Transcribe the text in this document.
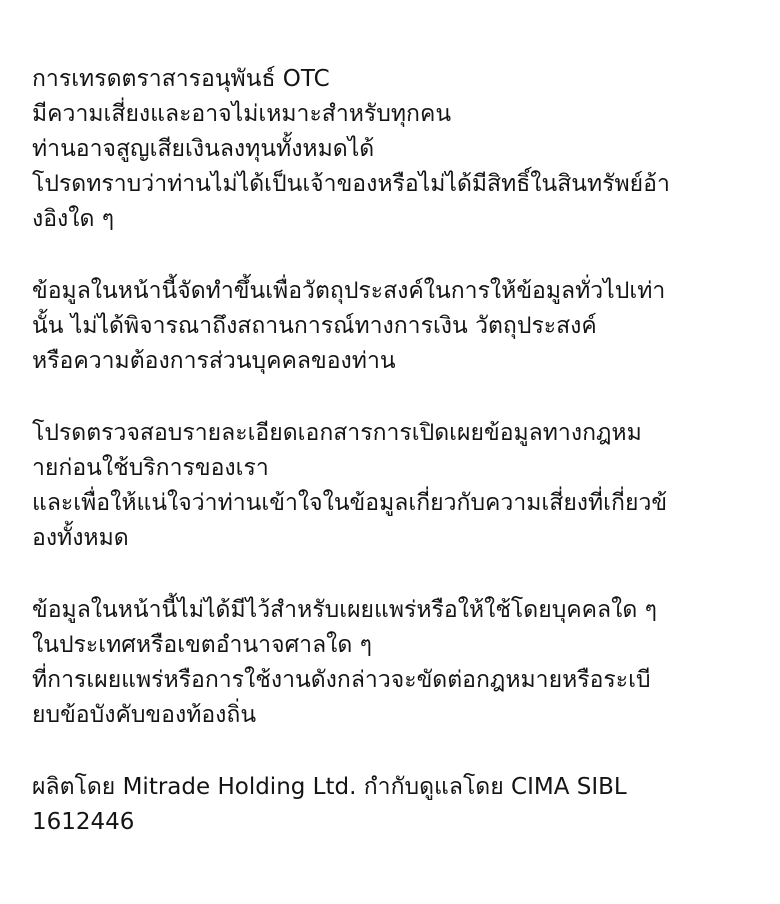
การเทรดตราสารอนุพันธ์ OTC
มีความเสี่ยงและอาจไม่เหมาะสำหรับทุกคน
ท่านอาจสูญเสียเงินลงทุนทั้งหมดได้
โปรดทราบว่าท่านไม่ได้เป็นเจ้าของหรือไม่ได้มีสิทธิ์ในสินทรัพย์อ้า
งอิงใด ๆ
ข้อมูลในหน้านี้จัดทำขึ้นเพื่อวัตถุประสงค์ในการให้ข้อมูลทั่วไปเท่า
นั้น ไม่ได้พิจารณาถึงสถานการณ์ทางการเงิน วัตถุประสงค์
หรือความต้องการส่วนบุคคลของท่าน
โปรดตรวจสอบรายละเอียดเอกสารการเปิดเผยข้อมูลทางกฎหม
ายก่อนใช้บริการของเรา
และเพื่อให้แน่ใจว่าท่านเข้าใจในข้อมูลเกี่ยวกับความเสี่ยงที่เกี่ยวข้
องทั้งหมด
ข้อมูลในหน้านี้ไม่ได้มีไว้สำหรับเผยแพร่หรือให้ใช้โดยบุคคลใด ๆ
ในประเทศหรือเขตอำนาจศาลใด ๆ
ที่การเผยแพร่หรือการใช้งานดังกล่าวจะขัดต่อกฎหมายหรือระเบี
ยบข้อบังคับของท้องถิ่น
ผลิตโดย Mitrade Holding Ltd. กำกับดูแลโดย CIMA SIBL
1612446
